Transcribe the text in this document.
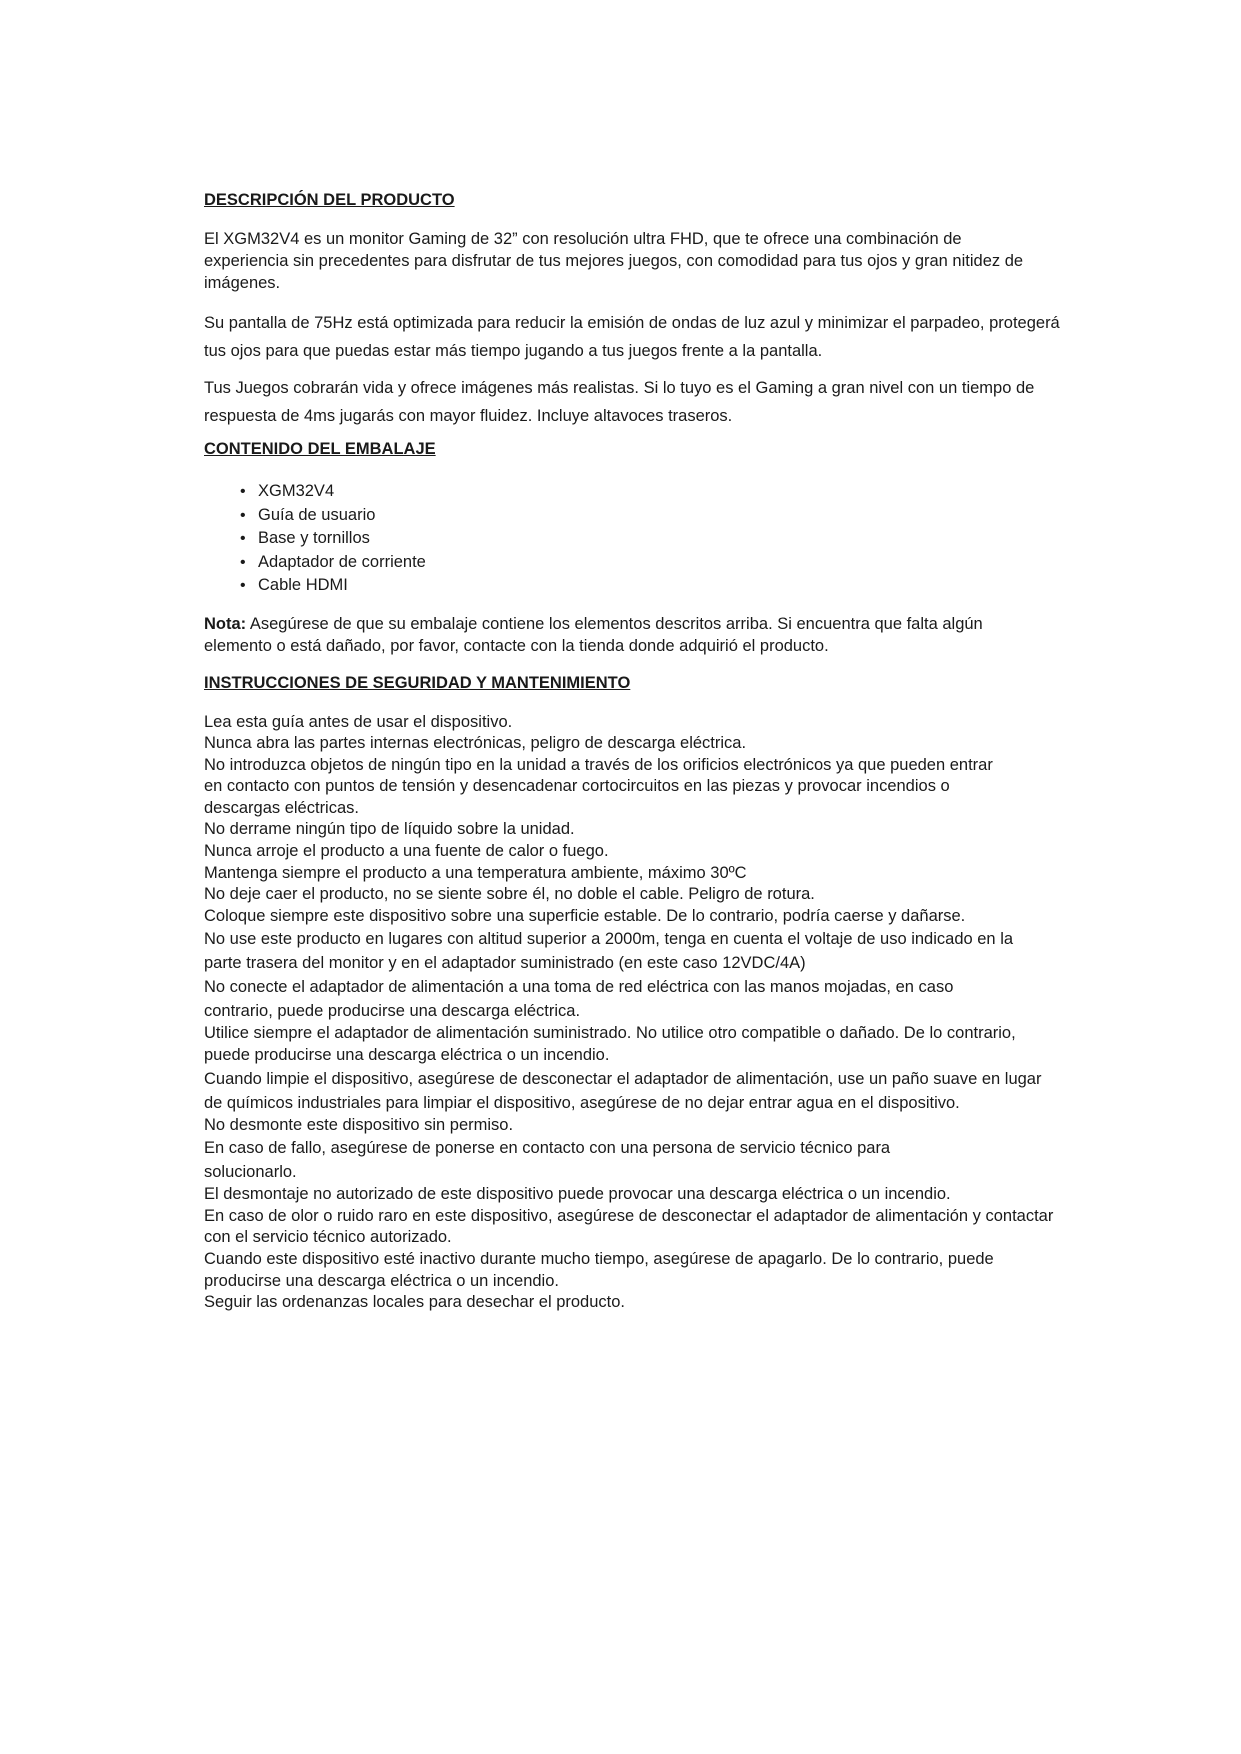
DESCRIPCIÓN DEL PRODUCTO

El XGM32V4 es un monitor Gaming de 32” con resolución ultra FHD, que te ofrece una combinación de experiencia sin precedentes para disfrutar de tus mejores juegos, con comodidad para tus ojos y gran nitidez de imágenes.

Su pantalla de 75Hz está optimizada para reducir la emisión de ondas de luz azul y minimizar el parpadeo, protegerá tus ojos para que puedas estar más tiempo jugando a tus juegos frente a la pantalla.

Tus Juegos cobrarán vida y ofrece imágenes más realistas. Si lo tuyo es el Gaming a gran nivel con un tiempo de respuesta de 4ms jugarás con mayor fluidez. Incluye altavoces traseros.

CONTENIDO DEL EMBALAJE
• XGM32V4
• Guía de usuario
• Base y tornillos
• Adaptador de corriente
• Cable HDMI

Nota: Asegúrese de que su embalaje contiene los elementos descritos arriba. Si encuentra que falta algún elemento o está dañado, por favor, contacte con la tienda donde adquirió el producto.

INSTRUCCIONES DE SEGURIDAD Y MANTENIMIENTO

Lea esta guía antes de usar el dispositivo.

Nunca abra las partes internas electrónicas, peligro de descarga eléctrica.

No introduzca objetos de ningún tipo en la unidad a través de los orificios electrónicos ya que pueden entrar en contacto con puntos de tensión y desencadenar cortocircuitos en las piezas y provocar incendios o descargas eléctricas.

No derrame ningún tipo de líquido sobre la unidad.

Nunca arroje el producto a una fuente de calor o fuego.

Mantenga siempre el producto a una temperatura ambiente, máximo 30ºC

No deje caer el producto, no se siente sobre él, no doble el cable. Peligro de rotura.

Coloque siempre este dispositivo sobre una superficie estable. De lo contrario, podría caerse y dañarse.

No use este producto en lugares con altitud superior a 2000m, tenga en cuenta el voltaje de uso indicado en la parte trasera del monitor y en el adaptador suministrado (en este caso 12VDC/4A)

No conecte el adaptador de alimentación a una toma de red eléctrica con las manos mojadas, en caso contrario, puede producirse una descarga eléctrica.

Utilice siempre el adaptador de alimentación suministrado. No utilice otro compatible o dañado. De lo contrario, puede producirse una descarga eléctrica o un incendio.

Cuando limpie el dispositivo, asegúrese de desconectar el adaptador de alimentación, use un paño suave en lugar de químicos industriales para limpiar el dispositivo, asegúrese de no dejar entrar agua en el dispositivo.

No desmonte este dispositivo sin permiso.

En caso de fallo, asegúrese de ponerse en contacto con una persona de servicio técnico para solucionarlo.

El desmontaje no autorizado de este dispositivo puede provocar una descarga eléctrica o un incendio.

En caso de olor o ruido raro en este dispositivo, asegúrese de desconectar el adaptador de alimentación y contactar con el servicio técnico autorizado.

Cuando este dispositivo esté inactivo durante mucho tiempo, asegúrese de apagarlo. De lo contrario, puede producirse una descarga eléctrica o un incendio.

Seguir las ordenanzas locales para desechar el producto.
